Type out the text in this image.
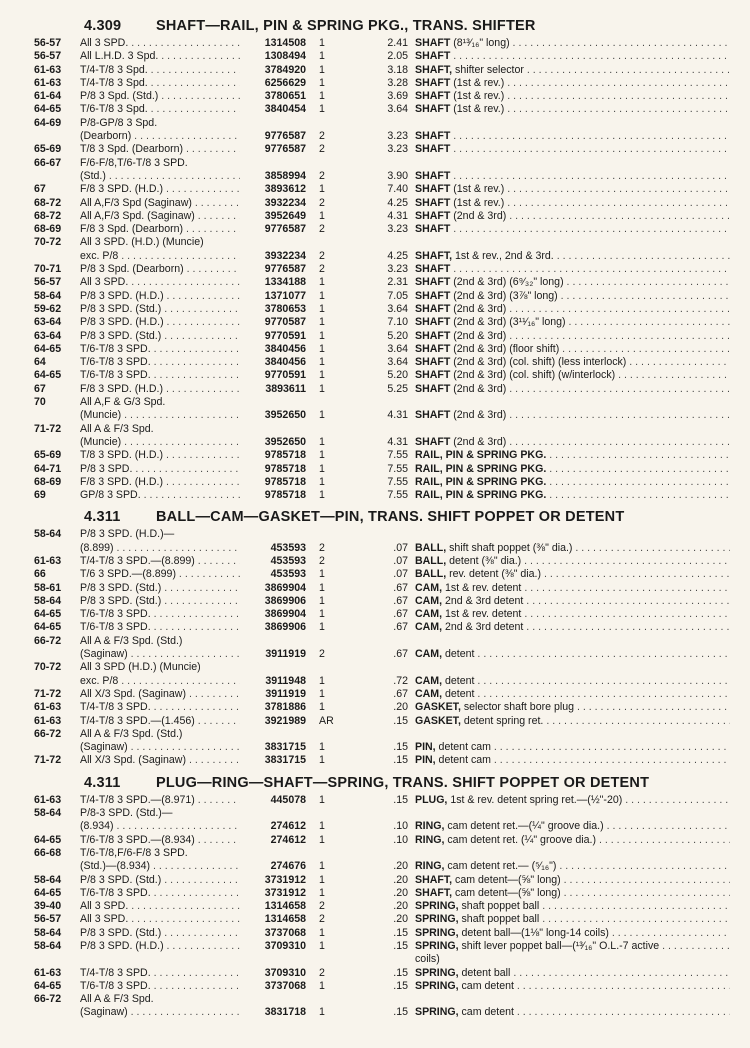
4.309 SHAFT—RAIL, PIN & SPRING PKG., TRANS. SHIFTER
56-57	All 3 SPD. . . .	1314508 1	2.41 SHAFT (8¹³⁄₁₆" long) . . .
56-57	All L.H.D. 3 Spd. . . .	1308494 1	2.05 SHAFT . . .
61-63	T/4-T/8 3 Spd. . . .	3784920 1	3.18 SHAFT, shifter selector . . .
61-63	T/4-T/8 3 Spd. . . .	6256629 1	3.28 SHAFT (1st & rev.) . . .
61-64	P/8 3 Spd. (Std.) . . .	3780651 1	3.69 SHAFT (1st & rev.) . . .
64-65	T/6-T/8 3 Spd. . . .	3840454 1	3.64 SHAFT (1st & rev.) . . .
64-69	P/8-GP/8 3 Spd.
(Dearborn) . . .	9776587 2	3.23 SHAFT . . .
65-69	T/8 3 Spd. (Dearborn) . . .	9776587 2	3.23 SHAFT . . .
66-67	F/6-F/8,T/6-T/8 3 SPD.
(Std.) . . .	3858994 2	3.90 SHAFT . . .
67	F/8 3 SPD. (H.D.) . . .	3893612 1	7.40 SHAFT (1st & rev.) . . .
68-72	All A,F/3 Spd (Saginaw) . . .	3932234 2	4.25 SHAFT (1st & rev.) . . .
68-72	All A,F/3 Spd. (Saginaw) . . .	3952649 1	4.31 SHAFT (2nd & 3rd) . . .
68-69	F/8 3 Spd. (Dearborn) . . .	9776587 2	3.23 SHAFT . . .
70-72	All 3 SPD. (H.D.) (Muncie)
exc. P/8 . . .	3932234 2	4.25 SHAFT, 1st & rev., 2nd & 3rd. . . .
70-71	P/8 3 Spd. (Dearborn) . . .	9776587 2	3.23 SHAFT . . .
56-57	All 3 SPD. . . .	1334188 1	2.31 SHAFT (2nd & 3rd) (6⁹⁄₃₂" long) . . .
58-64	P/8 3 SPD. (H.D.) . . .	1371077 1	7.05 SHAFT (2nd & 3rd) (3⅞" long) . . .
59-62	P/8 3 SPD. (Std.) . . .	3780653 1	3.64 SHAFT (2nd & 3rd) . . .
63-64	P/8 3 SPD. (H.D.) . . .	9770587 1	7.10 SHAFT (2nd & 3rd) (3¹¹⁄₁₆" long) . . .
63-64	P/8 3 SPD. (Std.) . . .	9770591 1	5.20 SHAFT (2nd & 3rd) . . .
64-65	T/6-T/8 3 SPD. . . .	3840456 1	3.64 SHAFT (2nd & 3rd) (floor shift) . . .
64	T/6-T/8 3 SPD. . . .	3840456 1	3.64 SHAFT (2nd & 3rd) (col. shift) (less interlock) . . .
64-65	T/6-T/8 3 SPD. . . .	9770591 1	5.20 SHAFT (2nd & 3rd) (col. shift) (w/interlock) . . .
67	F/8 3 SPD. (H.D.) . . .	3893611 1	5.25 SHAFT (2nd & 3rd) . . .
70	All A,F & G/3 Spd.
(Muncie) . . .	3952650 1	4.31 SHAFT (2nd & 3rd) . . .
71-72	All A & F/3 Spd.
(Muncie) . . .	3952650 1	4.31 SHAFT (2nd & 3rd) . . .
65-69	T/8 3 SPD. (H.D.) . . .	9785718 1	7.55 RAIL, PIN & SPRING PKG. . . .
64-71	P/8 3 SPD. . . .	9785718 1	7.55 RAIL, PIN & SPRING PKG. . . .
68-69	F/8 3 SPD. (H.D.) . . .	9785718 1	7.55 RAIL, PIN & SPRING PKG. . . .
69	GP/8 3 SPD. . . .	9785718 1	7.55 RAIL, PIN & SPRING PKG. . . .
4.311 BALL—CAM—GASKET—PIN, TRANS. SHIFT POPPET OR DETENT
58-64	P/8 3 SPD. (H.D.)—
(8.899) . . .	453593 2	.07 BALL, shift shaft poppet (⅜" dia.) . . .
61-63	T/4-T/8 3 SPD.—(8.899) . . .	453593 2	.07 BALL, detent (⅜" dia.) . . .
66	T/6 3 SPD.—(8.899) . . .	453593 1	.07 BALL, rev. detent (⅜" dia.) . . .
58-61	P/8 3 SPD. (Std.) . . .	3869904 1	.67 CAM, 1st & rev. detent . . .
58-64	P/8 3 SPD. (Std.) . . .	3869906 1	.67 CAM, 2nd & 3rd detent . . .
64-65	T/6-T/8 3 SPD. . . .	3869904 1	.67 CAM, 1st & rev. detent . . .
64-65	T/6-T/8 3 SPD. . . .	3869906 1	.67 CAM, 2nd & 3rd detent . . .
66-72	All A & F/3 Spd. (Std.)
(Saginaw) . . .	3911919 2	.67 CAM, detent . . .
70-72	All 3 SPD (H.D.) (Muncie)
exc. P/8 . . .	3911948 1	.72 CAM, detent . . .
71-72	All X/3 Spd. (Saginaw) . . .	3911919 1	.67 CAM, detent . . .
61-63	T/4-T/8 3 SPD. . . .	3781886 1	.20 GASKET, selector shaft bore plug . . .
61-63	T/4-T/8 3 SPD.—(1.456) . . .	3921989 AR	.15 GASKET, detent spring ret. . . .
66-72	All A & F/3 Spd. (Std.)
(Saginaw) . . .	3831715 1	.15 PIN, detent cam . . .
71-72	All X/3 Spd. (Saginaw) . . .	3831715 1	.15 PIN, detent cam . . .
4.311 PLUG—RING—SHAFT—SPRING, TRANS. SHIFT POPPET OR DETENT
61-63	T/4-T/8 3 SPD.—(8.971) . . .	445078 1	.15 PLUG, 1st & rev. detent spring ret.—(½"-20) . . .
58-64	P/8-3 SPD. (Std.)—
(8.934) . . .	274612 1	.10 RING, cam detent ret.—(¼" groove dia.) . . .
64-65	T/6-T/8 3 SPD.—(8.934) . . .	274612 1	.10 RING, cam detent ret. (¼" groove dia.) . . .
66-68	T/6-T/8,F/6-F/8 3 SPD.
(Std.)—(8.934) . . .	274676 1	.20 RING, cam detent ret.— (⁵⁄₁₆") . . .
58-64	P/8 3 SPD. (Std.) . . .	3731912 1	.20 SHAFT, cam detent—(⅝" long) . . .
64-65	T/6-T/8 3 SPD. . . .	3731912 1	.20 SHAFT, cam detent—(⅝" long) . . .
39-40	All 3 SPD. . . .	1314658 2	.20 SPRING, shaft poppet ball . . .
56-57	All 3 SPD. . . .	1314658 2	.20 SPRING, shaft poppet ball . . .
58-64	P/8 3 SPD. (Std.) . . .	3737068 1	.15 SPRING, detent ball—(1⅛" long-14 coils) . . .
58-64	P/8 3 SPD. (H.D.) . . .	3709310 1	.15 SPRING, shift lever poppet ball—(¹³⁄₁₆" O.L.-7 active . . .
coils)
61-63	T/4-T/8 3 SPD. . . .	3709310 2	.15 SPRING, detent ball . . .
64-65	T/6-T/8 3 SPD. . . .	3737068 1	.15 SPRING, cam detent . . .
66-72	All A & F/3 Spd.
(Saginaw) . . .	3831718 1	.15 SPRING, cam detent . . .
